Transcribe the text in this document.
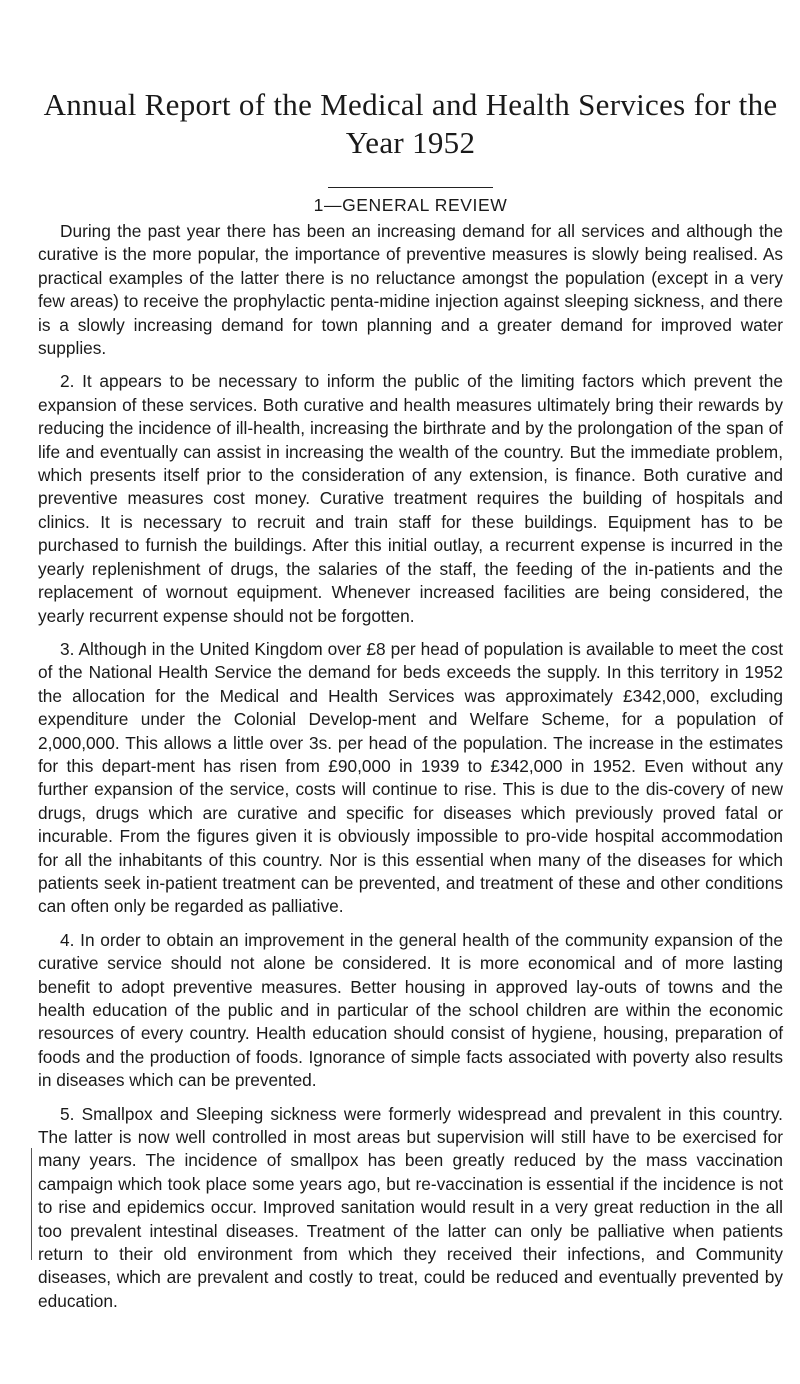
Annual Report of the Medical and Health Services for the Year 1952
1—GENERAL REVIEW

During the past year there has been an increasing demand for all services and although the curative is the more popular, the importance of preventive measures is slowly being realised. As practical examples of the latter there is no reluctance amongst the population (except in a very few areas) to receive the prophylactic penta-midine injection against sleeping sickness, and there is a slowly increasing demand for town planning and a greater demand for improved water supplies.

2. It appears to be necessary to inform the public of the limiting factors which prevent the expansion of these services. Both curative and health measures ultimately bring their rewards by reducing the incidence of ill-health, increasing the birthrate and by the prolongation of the span of life and eventually can assist in increasing the wealth of the country. But the immediate problem, which presents itself prior to the consideration of any extension, is finance. Both curative and preventive measures cost money. Curative treatment requires the building of hospitals and clinics. It is necessary to recruit and train staff for these buildings. Equipment has to be purchased to furnish the buildings. After this initial outlay, a recurrent expense is incurred in the yearly replenishment of drugs, the salaries of the staff, the feeding of the in-patients and the replacement of wornout equipment. Whenever increased facilities are being considered, the yearly recurrent expense should not be forgotten.

3. Although in the United Kingdom over £8 per head of population is available to meet the cost of the National Health Service the demand for beds exceeds the supply. In this territory in 1952 the allocation for the Medical and Health Services was approximately £342,000, excluding expenditure under the Colonial Develop-ment and Welfare Scheme, for a population of 2,000,000. This allows a little over 3s. per head of the population. The increase in the estimates for this depart-ment has risen from £90,000 in 1939 to £342,000 in 1952. Even without any further expansion of the service, costs will continue to rise. This is due to the dis-covery of new drugs, drugs which are curative and specific for diseases which previously proved fatal or incurable. From the figures given it is obviously impossible to pro-vide hospital accommodation for all the inhabitants of this country. Nor is this essential when many of the diseases for which patients seek in-patient treatment can be prevented, and treatment of these and other conditions can often only be regarded as palliative.

4. In order to obtain an improvement in the general health of the community expansion of the curative service should not alone be considered. It is more economical and of more lasting benefit to adopt preventive measures. Better housing in approved lay-outs of towns and the health education of the public and in particular of the school children are within the economic resources of every country. Health education should consist of hygiene, housing, preparation of foods and the production of foods. Ignorance of simple facts associated with poverty also results in diseases which can be prevented.

5. Smallpox and Sleeping sickness were formerly widespread and prevalent in this country. The latter is now well controlled in most areas but supervision will still have to be exercised for many years. The incidence of smallpox has been greatly reduced by the mass vaccination campaign which took place some years ago, but re-vaccination is essential if the incidence is not to rise and epidemics occur. Improved sanitation would result in a very great reduction in the all too prevalent intestinal diseases. Treatment of the latter can only be palliative when patients return to their old environment from which they received their infections, and Community diseases, which are prevalent and costly to treat, could be reduced and eventually prevented by education.
